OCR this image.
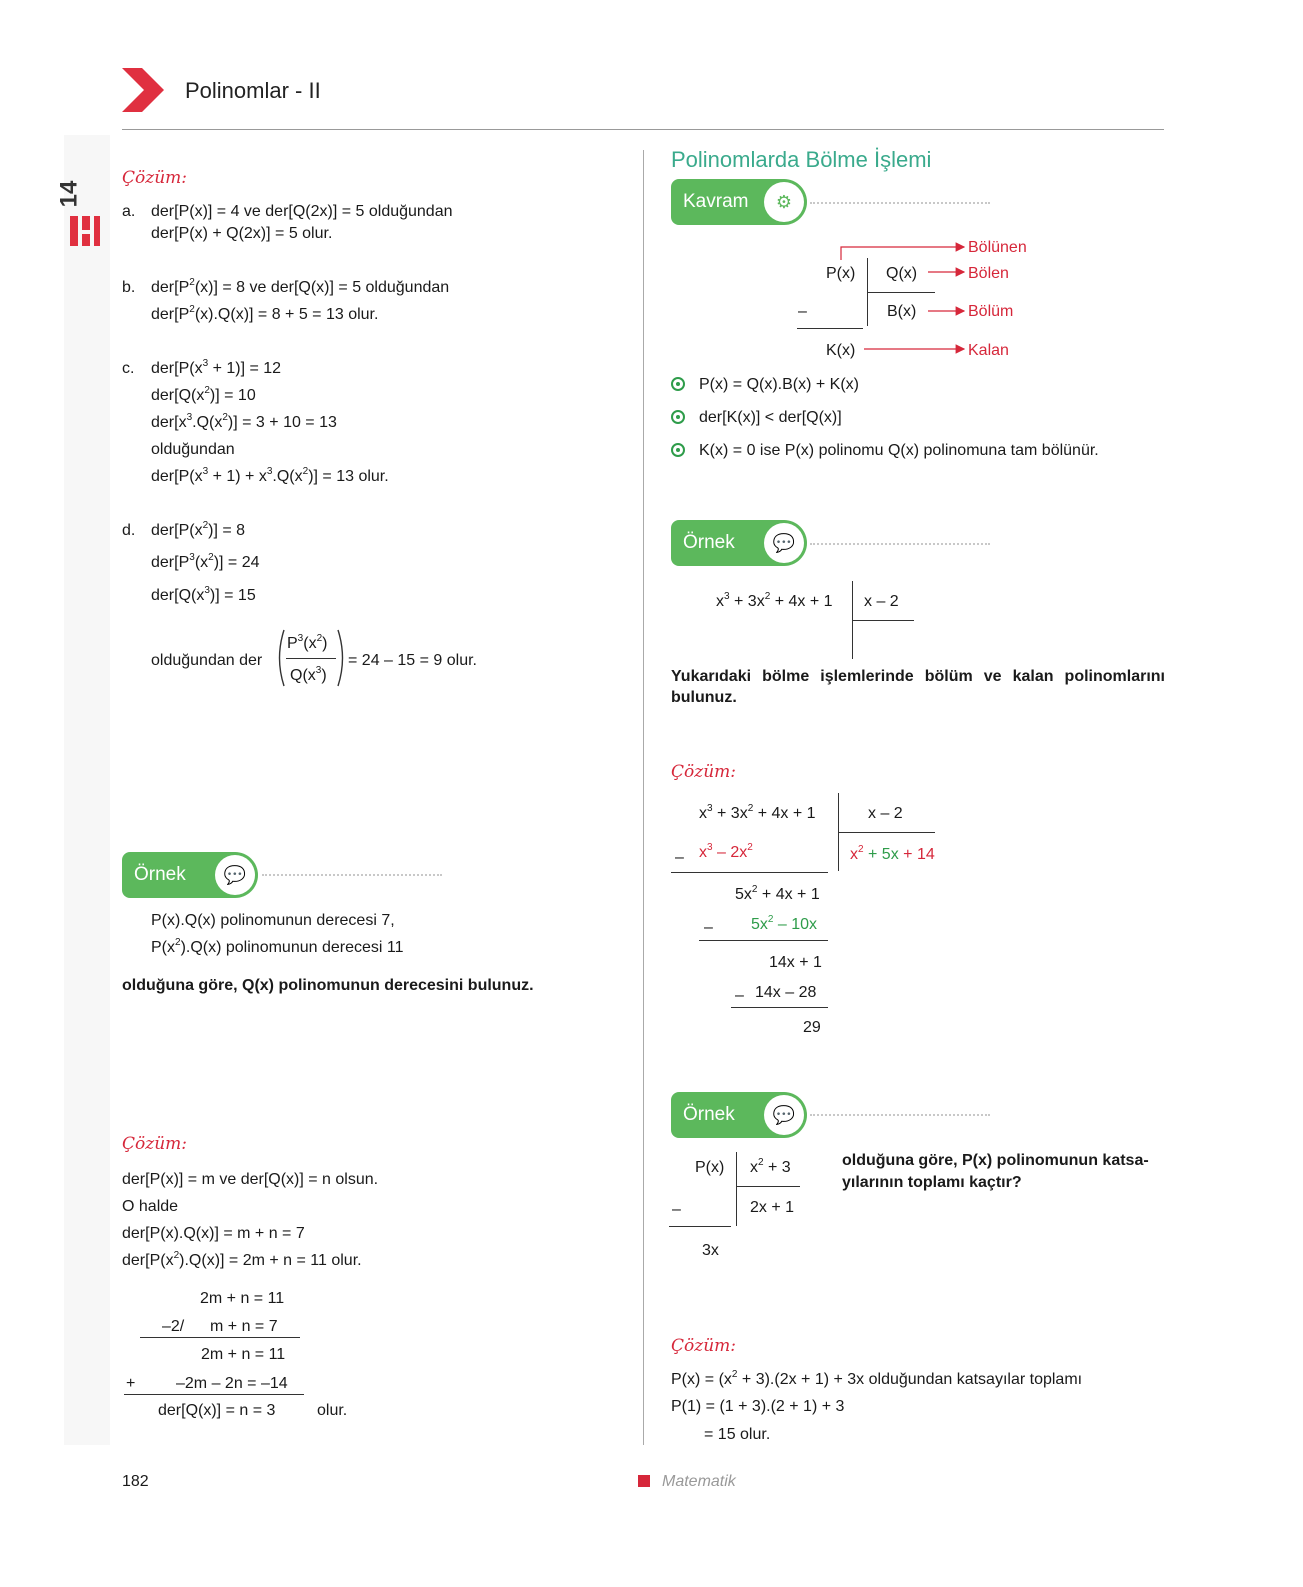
Polinomlar - II
14
Çözüm:
a. der[P(x)] = 4 ve der[Q(2x)] = 5 olduğundan
der[P(x) + Q(2x)] = 5 olur.
b. $der[P^2(x)] = 8$ ve der[Q(x)] = 5 olduğundan
$der[P^2(x).Q(x)] = 8 + 5 = 13$ olur.
c. $der[P(x^3 + 1)] = 12$
$der[Q(x^2)] = 10$
$der[x^3.Q(x^2)] = 3 + 10 = 13$
olduğundan
$der[P(x^3 + 1) + x^3.Q(x^2)] = 13$ olur.
d. $der[P(x^2)] = 8$
$der[P^3(x^2)] = 24$
$der[Q(x^3)] = 15$
olduğundan der
$P^3(x^2)$
$Q(x^3)$
= 24 – 15 = 9 olur.
Örnek	💬
P(x).Q(x) polinomunun derecesi 7,
$P(x^2).Q(x)$ polinomunun derecesi 11
olduğuna göre, Q(x) polinomunun derecesini bulunuz.
Çözüm:
der[P(x)] = m ve der[Q(x)] = n olsun.
O halde
der[P(x).Q(x)] = m + n = 7
$der[P(x^2).Q(x)] = 2m + n = 11$ olur.
2m + n = 11
–2/ m + n = 7
2m + n = 11
+	–2m – 2n = –14
der[Q(x)] = n = 3	olur.
Polinomlarda Bölme İşlemi
Kavram	⚙
P(x) Q(x)
–	B(x)
K(x)
Bölünen
Bölen
Bölüm
Kalan
P(x) = Q(x).B(x) + K(x)
der[K(x)] < der[Q(x)]
K(x) = 0 ise P(x) polinomu Q(x) polinomuna tam bölünür.
Örnek	💬
$x^3 + 3x^2 + 4x + 1$ x – 2
Yukarıdaki bölme işlemlerinde bölüm ve kalan polinomlarını bulunuz.
Çözüm:
$x^3 + 3x^2 + 4x + 1$	x – 2
– $x^3 - 2x^2$	$x^2 + 5x + 14$
$5x^2 + 4x + 1$
– $5x^2 - 10x$
14x + 1
– 14x – 28
29
Örnek	💬
P(x) $x^2 + 3$
–	2x + 1
3x
olduğuna göre, P(x) polinomunun katsa-
yılarının toplamı kaçtır?
Çözüm:
$P(x) = (x^2 + 3).(2x + 1) + 3x$ olduğundan katsayılar toplamı
P(1) = (1 + 3).(2 + 1) + 3
= 15 olur.
182	Matematik
